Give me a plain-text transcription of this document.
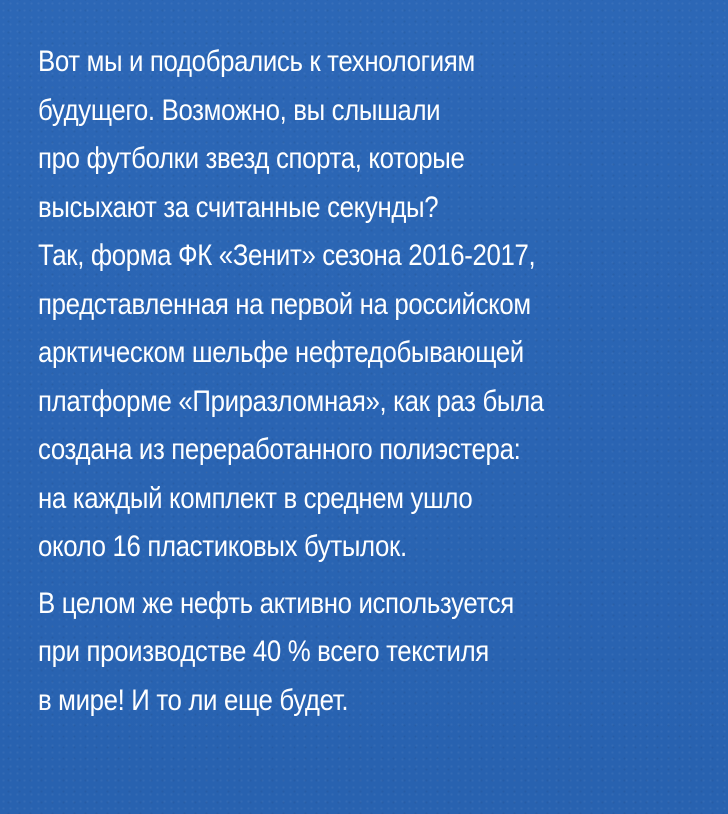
Вот мы и подобрались к технологиям
будущего. Возможно, вы слышали
про футболки звезд спорта, которые
высыхают за считанные секунды?
Так, форма ФК «Зенит» сезона 2016-2017,
представленная на первой на российском
арктическом шельфе нефтедобывающей
платформе «Приразломная», как раз была
создана из переработанного полиэстера:
на каждый комплект в среднем ушло
около 16 пластиковых бутылок.

В целом же нефть активно используется
при производстве 40 % всего текстиля
в мире! И то ли еще будет.
